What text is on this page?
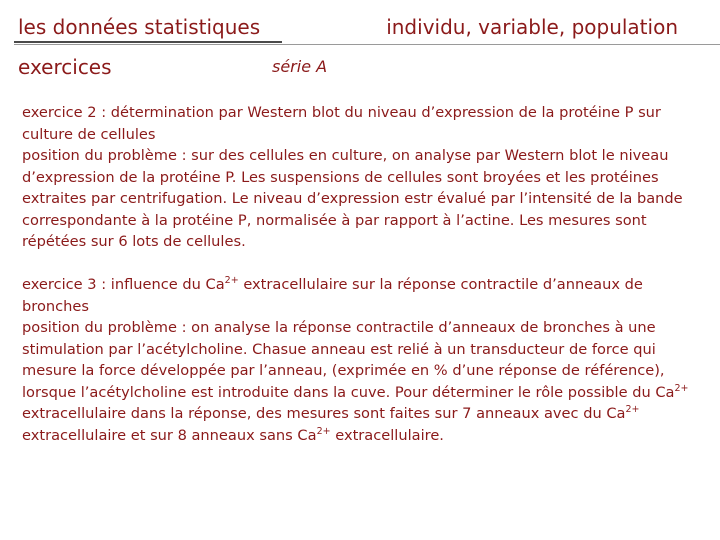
les données statistiques	individu, variable, population
exercices	série A
exercice 2 : détermination par Western blot du niveau d’expression de la protéine P sur culture de cellules

position du problème : sur des cellules en culture, on analyse par Western blot le niveau d’expression de la protéine P. Les suspensions de cellules sont broyées et les protéines extraites par centrifugation. Le niveau d’expression estr évalué par l’intensité de la bande correspondante à la protéine P, normalisée à par rapport à l’actine. Les mesures sont répétées sur 6 lots de cellules.

exercice 3 : influence du $Ca^{2+}$ extracellulaire sur la réponse contractile d’anneaux de bronches

position du problème : on analyse la réponse contractile d’anneaux de bronches à une stimulation par l’acétylcholine. Chasue anneau est relié à un transducteur de force qui mesure la force développée par l’anneau, (exprimée en % d’une réponse de référence), lorsque l’acétylcholine est introduite dans la cuve. Pour déterminer le rôle possible du $Ca^{2+}$ extracellulaire dans la réponse, des mesures sont faites sur 7 anneaux avec du $Ca^{2+}$ extracellulaire et sur 8 anneaux sans $Ca^{2+}$ extracellulaire.
